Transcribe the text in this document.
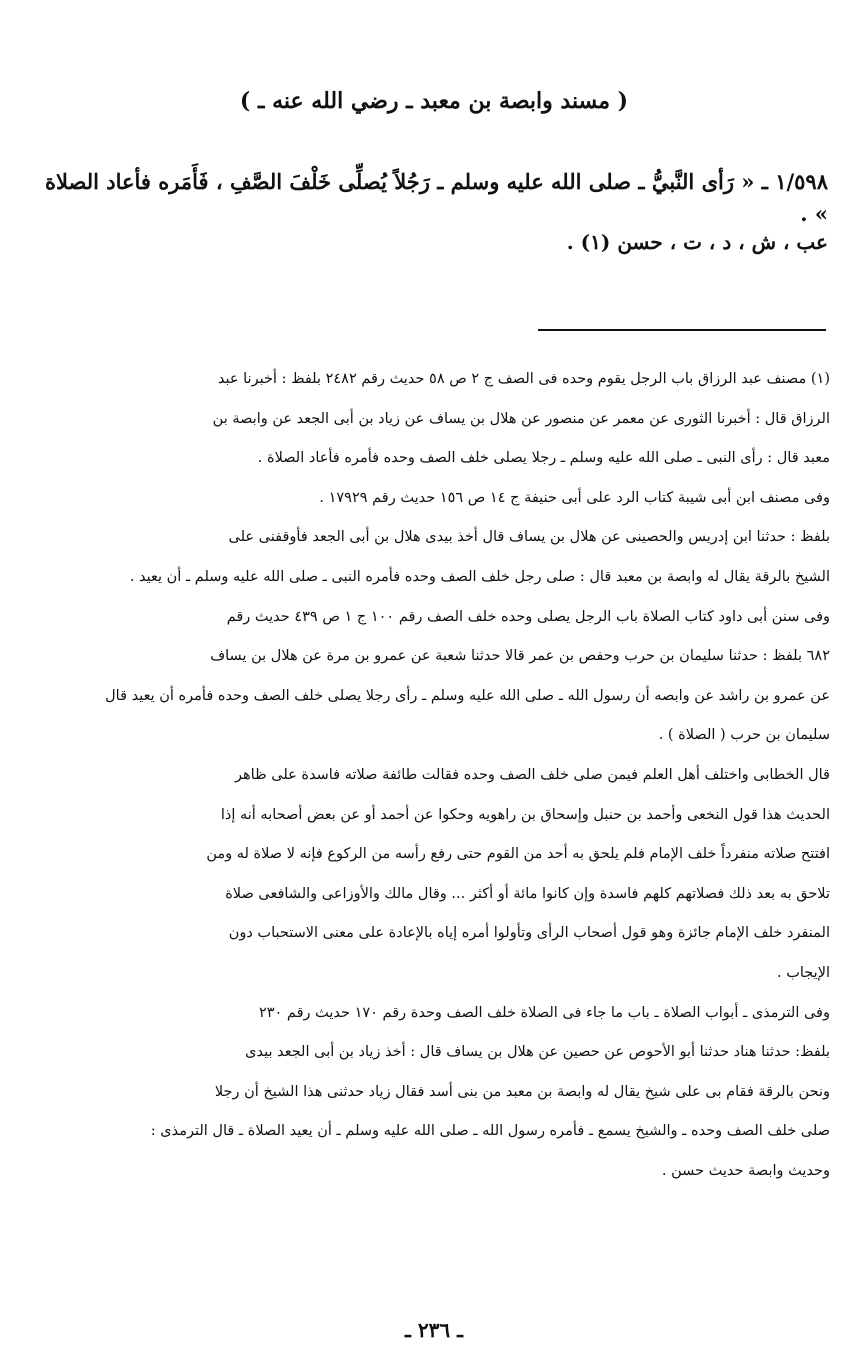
( مسند وابصة بن معبد ـ رضي الله عنه ـ )
١/٥٩٨ ـ « رَأى النَّبيُّ ـ صلى الله عليه وسلم ـ رَجُلاً يُصلِّى خَلْفَ الصَّفِ ، فَأَمَره فأعاد الصلاة » .
عب ، ش ، د ، ت ، حسن (١) .
(١) مصنف عبد الرزاق باب الرجل يقوم وحده فى الصف ج ٢ ص ٥٨ حديث رقم ٢٤٨٢ بلفظ : أخبرنا عبد
الرزاق قال : أخبرنا الثورى عن معمر عن منصور عن هلال بن يساف عن زياد بن أبى الجعد عن وابصة بن
معبد قال : رأى النبى ـ صلى الله عليه وسلم ـ رجلا يصلى خلف الصف وحده فأمره فأعاد الصلاة .
وفى مصنف ابن أبى شيبة كتاب الرد على أبى حنيفة ج ١٤ ص ١٥٦ حديث رقم ١٧٩٢٩ .
بلفظ : حدثنا ابن إدريس والحصينى عن هلال بن يساف قال أخذ بيدى هلال بن أبى الجعد فأوقفنى على
الشيخ بالرقة يقال له وابصة بن معبد قال : صلى رجل خلف الصف وحده فأمره النبى ـ صلى الله عليه وسلم ـ أن يعيد .
وفى سنن أبى داود كتاب الصلاة باب الرجل يصلى وحده خلف الصف رقم ١٠٠ ج ١ ص ٤٣٩ حديث رقم
٦٨٢ بلفظ : حدثنا سليمان بن حرب وحفص بن عمر قالا حدثنا شعبة عن عمرو بن مرة عن هلال بن يساف
عن عمرو بن راشد عن وابصه أن رسول الله ـ صلى الله عليه وسلم ـ رأى رجلا يصلى خلف الصف وحده فأمره أن يعيد قال
سليمان بن حرب ( الصلاة ) .
قال الخطابى واختلف أهل العلم فيمن صلى خلف الصف وحده فقالت طائفة صلاته فاسدة على ظاهر
الحديث هذا قول النخعى وأحمد بن حنبل وإسحاق بن راهويه وحكوا عن أحمد أو عن بعض أصحابه أنه إذا
افتتح صلاته منفرداً خلف الإمام فلم يلحق به أحد من القوم حتى رفع رأسه من الركوع فإنه لا صلاة له ومن
تلاحق به بعد ذلك فصلاتهم كلهم فاسدة وإن كانوا مائة أو أكثر ... وقال مالك والأوزاعى والشافعى صلاة
المنفرد خلف الإمام جائزة وهو قول أصحاب الرأى وتأولوا أمره إياه بالإعادة على معنى الاستحباب دون
الإيجاب .
وفى الترمذى ـ أبواب الصلاة ـ باب ما جاء فى الصلاة خلف الصف وحدة رقم ١٧٠ حديث رقم ٢٣٠
بلفظ: حدثنا هناد حدثنا أبو الأحوص عن حصين عن هلال بن يساف قال : أخذ زياد بن أبى الجعد بيدى
ونحن بالرقة فقام بى على شيخ يقال له وابصة بن معبد من بنى أسد فقال زياد حدثنى هذا الشيخ أن رجلا
صلى خلف الصف وحده ـ والشيخ يسمع ـ فأمره رسول الله ـ صلى الله عليه وسلم ـ أن يعيد الصلاة ـ قال الترمذى :
وحديث وابصة حديث حسن .
ـ ٢٣٦ ـ
